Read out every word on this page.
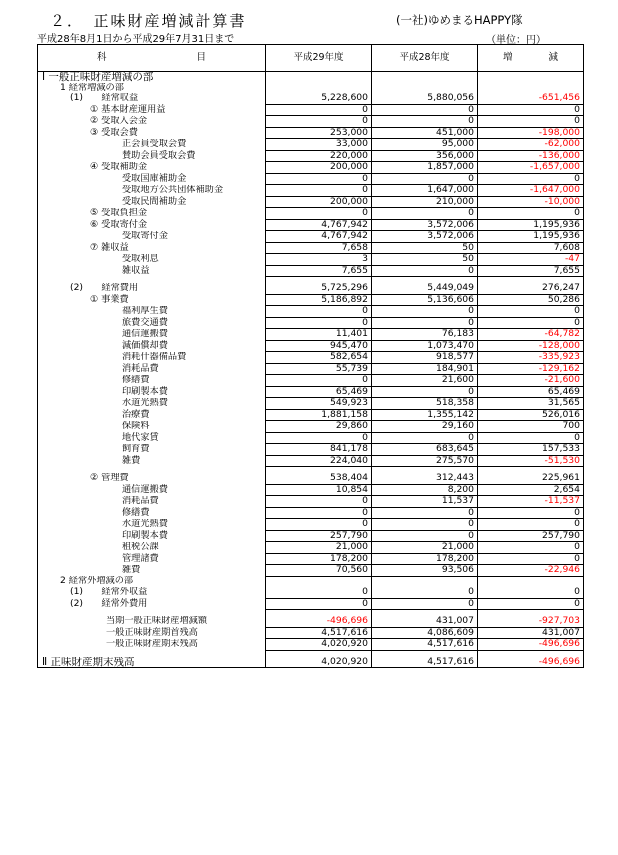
２．　正味財産増減計算書	(一社)ゆめまるHAPPY隊
平成28年8月1日から平成29年7月31日まで	（単位：円）
科 目	平成29年度	平成28年度	増 減
Ⅰ 一般正味財産増減の部			
1 経常増減の部			
(1)　　経常収益	5,228,600	5,880,056	-651,456
① 基本財産運用益	0	0	0
② 受取入会金	0	0	0
③ 受取会費	253,000	451,000	-198,000
正会員受取会費	33,000	95,000	-62,000
賛助会員受取会費	220,000	356,000	-136,000
④ 受取補助金	200,000	1,857,000	-1,657,000
受取国庫補助金	0	0	0
受取地方公共団体補助金	0	1,647,000	-1,647,000
受取民間補助金	200,000	210,000	-10,000
⑤ 受取負担金	0	0	0
⑥ 受取寄付金	4,767,942	3,572,006	1,195,936
受取寄付金	4,767,942	3,572,006	1,195,936
⑦ 雑収益	7,658	50	7,608
受取利息	3	50	-47
雑収益	7,655	0	7,655

(2)　　経常費用	5,725,296	5,449,049	276,247
① 事業費	5,186,892	5,136,606	50,286
福利厚生費	0	0	0
旅費交通費	0	0	0
通信運搬費	11,401	76,183	-64,782
減価償却費	945,470	1,073,470	-128,000
消耗什器備品費	582,654	918,577	-335,923
消耗品費	55,739	184,901	-129,162
修繕費	0	21,600	-21,600
印刷製本費	65,469	0	65,469
水道光熱費	549,923	518,358	31,565
治療費	1,881,158	1,355,142	526,016
保険料	29,860	29,160	700
地代家賃	0	0	0
飼育費	841,178	683,645	157,533
雑費	224,040	275,570	-51,530

② 管理費	538,404	312,443	225,961
通信運搬費	10,854	8,200	2,654
消耗品費	0	11,537	-11,537
修繕費	0	0	0
水道光熱費	0	0	0
印刷製本費	257,790	0	257,790
租税公課	21,000	21,000	0
管理諸費	178,200	178,200	0
雑費	70,560	93,506	-22,946
2 経常外増減の部			
(1)　　経常外収益	0	0	0
(2)　　経常外費用	0	0	0

当期一般正味財産増減額	-496,696	431,007	-927,703
一般正味財産期首残高	4,517,616	4,086,609	431,007
一般正味財産期末残高	4,020,920	4,517,616	-496,696

Ⅱ 正味財産期末残高	4,020,920	4,517,616	-496,696
